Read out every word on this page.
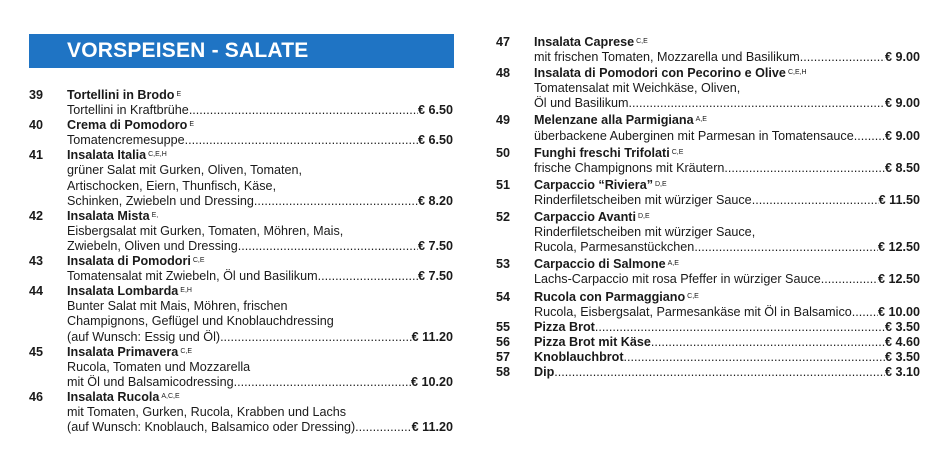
VORSPEISEN - SALATE
39 Tortellini in Brodo $^E$
Tortellini in Kraftbrühe .....	€ 6.50
40 Crema di Pomodoro $^E$
Tomatencremesuppe .....	€ 6.50
41 Insalata Italia $^{C,E,H}$
grüner Salat mit Gurken, Oliven, Tomaten,
Artischocken, Eiern, Thunfisch, Käse,
Schinken, Zwiebeln und Dressing .....	€ 8.20
42 Insalata Mista $^{E,}$
Eisbergsalat mit Gurken, Tomaten, Möhren, Mais,
Zwiebeln, Oliven und Dressing .....	€ 7.50
43 Insalata di Pomodori $^{C,E}$
Tomatensalat mit Zwiebeln, Öl und Basilikum .....	€ 7.50
44 Insalata Lombarda $^{E,H}$
Bunter Salat mit Mais, Möhren, frischen
Champignons, Geflügel und Knoblauchdressing
(auf Wunsch: Essig und Öl) .....	€ 11.20
45 Insalata Primavera $^{C,E}$
Rucola, Tomaten und Mozzarella
mit Öl und Balsamicodressing .....	€ 10.20
46 Insalata Rucola $^{A,C,E}$
mit Tomaten, Gurken, Rucola, Krabben und Lachs
(auf Wunsch: Knoblauch, Balsamico oder Dressing) .....	€ 11.20
47 Insalata Caprese $^{C,E}$
mit frischen Tomaten, Mozzarella und Basilikum .....	€ 9.00
48 Insalata di Pomodori con Pecorino e Olive $^{C,E,H}$
Tomatensalat mit Weichkäse, Oliven,
Öl und Basilikum .....	€ 9.00
49 Melenzane alla Parmigiana $^{A,E}$
überbackene Auberginen mit Parmesan in Tomatensauce ..... € 9.00
50 Funghi freschi Trifolati $^{C,E}$
frische Champignons mit Kräutern .....	€ 8.50
51 Carpaccio “Riviera” $^{D,E}$
Rinderfiletscheiben mit würziger Sauce .....	€ 11.50
52 Carpaccio Avanti $^{D,E}$
Rinderfiletscheiben mit würziger Sauce,
Rucola, Parmesanstückchen .....	€ 12.50
53 Carpaccio di Salmone $^{A,E}$
Lachs-Carpaccio mit rosa Pfeffer in würziger Sauce .....	€ 12.50
54 Rucola con Parmaggiano $^{C,E}$
Rucola, Eisbergsalat, Parmesankäse mit Öl in Balsamico ..... € 10.00
55 Pizza Brot .....	€ 3.50
56 Pizza Brot mit Käse .....	€ 4.60
57 Knoblauchbrot .....	€ 3.50
58 Dip .....	€ 3.10
